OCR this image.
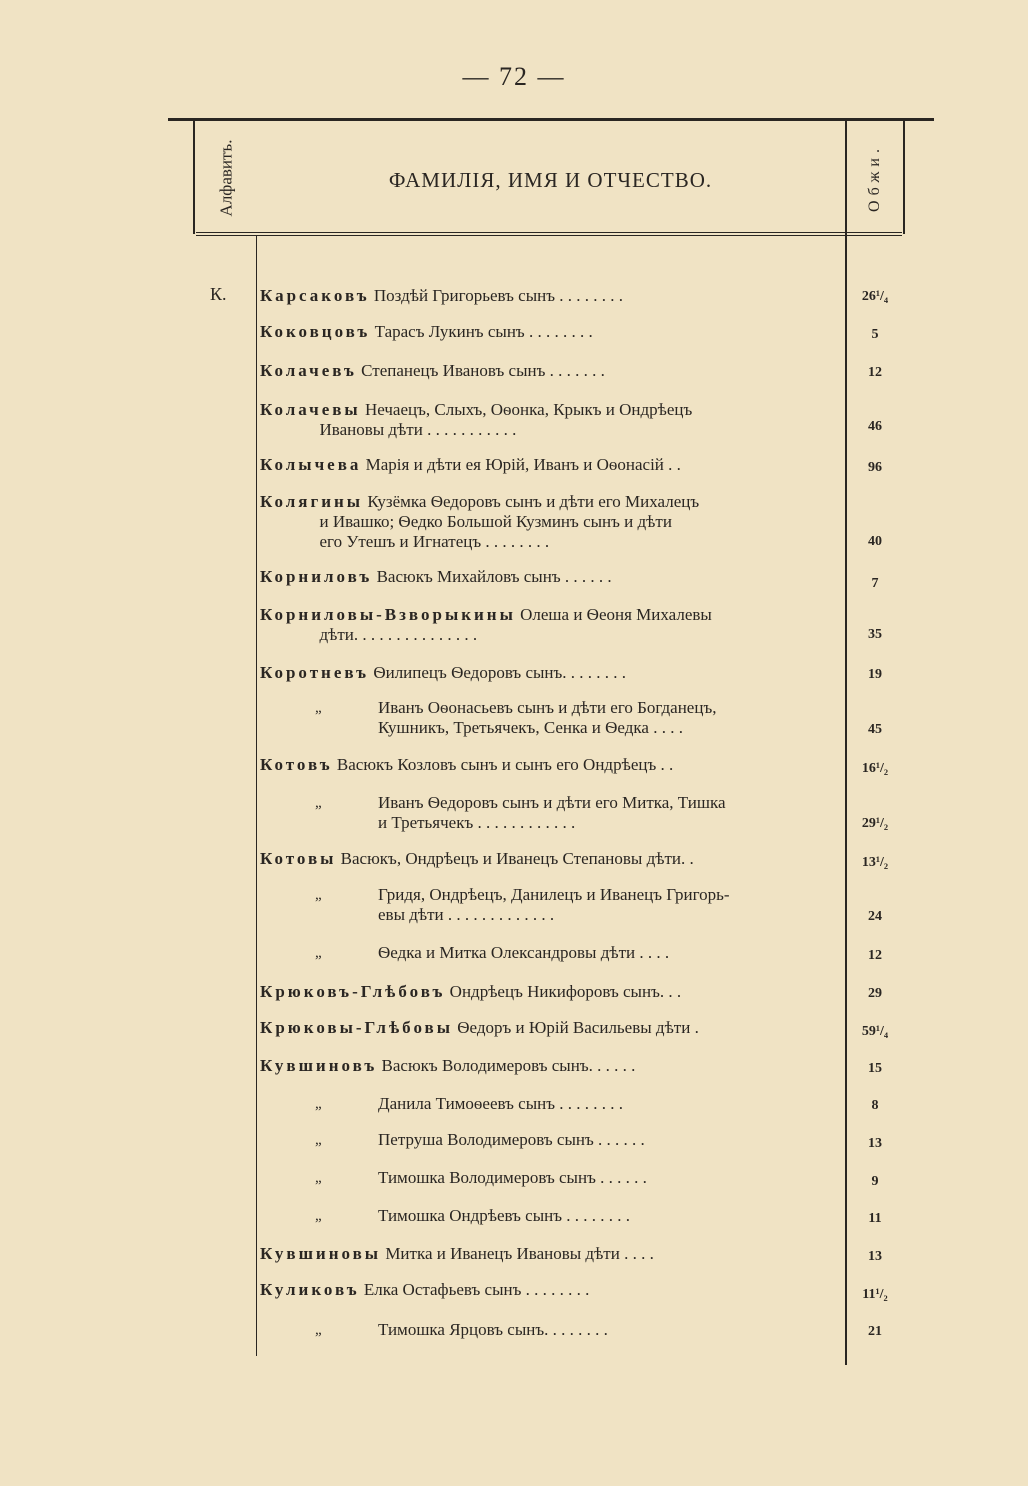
— 72 —
Алфавитъ.	ФАМИЛІЯ, ИМЯ И ОТЧЕСТВО.	Обжи.
К. Карсаковъ Поздѣй Григорьевъ сынъ . . . . . . . .	26¹/₄
Коковцовъ Тарасъ Лукинъ сынъ . . . . . . . .	5
Колачевъ Степанецъ Ивановъ сынъ . . . . . . .	12
Колачевы Нечаецъ, Слыхъ, Оѳонка, Крыкъ и Ондрѣецъ
Ивановы дѣти . . . . . . . . . . .	46
Колычева Марія и дѣти ея Юрій, Иванъ и Оѳонасій . .	96
Колягины Кузёмка Ѳедоровъ сынъ и дѣти его Михалецъ
и Ивашко; Ѳедко Большой Кузминъ сынъ и дѣти
его Утешъ и Игнатецъ . . . . . . . .	40
Корниловъ Васюкъ Михайловъ сынъ . . . . . .	7
Корниловы-Взворыкины Олеша и Ѳеоня Михалевы
дѣти. . . . . . . . . . . . . . .	35
Коротневъ Ѳилипецъ Ѳедоровъ сынъ. . . . . . . .	19
„	Иванъ Оѳонасьевъ сынъ и дѣти его Богданецъ,
Кушникъ, Третьячекъ, Сенка и Ѳедка . . . .	45
Котовъ Васюкъ Козловъ сынъ и сынъ его Ондрѣецъ . .	16¹/₂
„	Иванъ Ѳедоровъ сынъ и дѣти его Митка, Тишка
и Третьячекъ . . . . . . . . . . . .	29¹/₂
Котовы Васюкъ, Ондрѣецъ и Иванецъ Степановы дѣти. .	13¹/₂
„	Гридя, Ондрѣецъ, Данилецъ и Иванецъ Григорь-
евы дѣти . . . . . . . . . . . . .	24
„	Ѳедка и Митка Олександровы дѣти . . . .	12
Крюковъ-Глѣбовъ Ондрѣецъ Никифоровъ сынъ. . .	29
Крюковы-Глѣбовы Ѳедоръ и Юрій Васильевы дѣти .	59¹/₄
Кувшиновъ Васюкъ Володимеровъ сынъ. . . . . .	15
„	Данила Тимоѳеевъ сынъ . . . . . . . .	8
„	Петруша Володимеровъ сынъ . . . . . .	13
„	Тимошка Володимеровъ сынъ . . . . . .	9
„	Тимошка Ондрѣевъ сынъ . . . . . . . .	11
Кувшиновы Митка и Иванецъ Ивановы дѣти . . . .	13
Куликовъ Елка Остафьевъ сынъ . . . . . . . .	11¹/₂
„	Тимошка Ярцовъ сынъ. . . . . . . .	21
